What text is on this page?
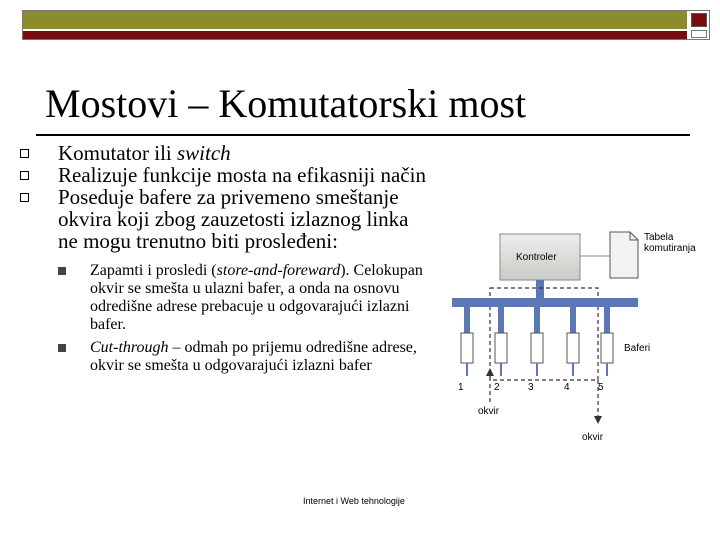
Mostovi – Komutatorski most
Komutator ili switch
Realizuje funkcije mosta na efikasniji način
Poseduje bafere za privemeno smeštanje okvira koji zbog zauzetosti izlaznog linka ne mogu trenutno biti prosleđeni:
Zapamti i prosledi (store-and-foreward). Celokupan okvir se smešta u ulazni bafer, a onda na osnovu odredišne adrese prebacuje u odgovarajući izlazni bafer.
Cut-through – odmah po prijemu odredišne adrese, okvir se smešta u odgovarajući izlazni bafer
Internet i Web tehnologije
Kontroler
Tabela
komutiranja
Baferi
1	2	3	4	5
okvir
okvir
